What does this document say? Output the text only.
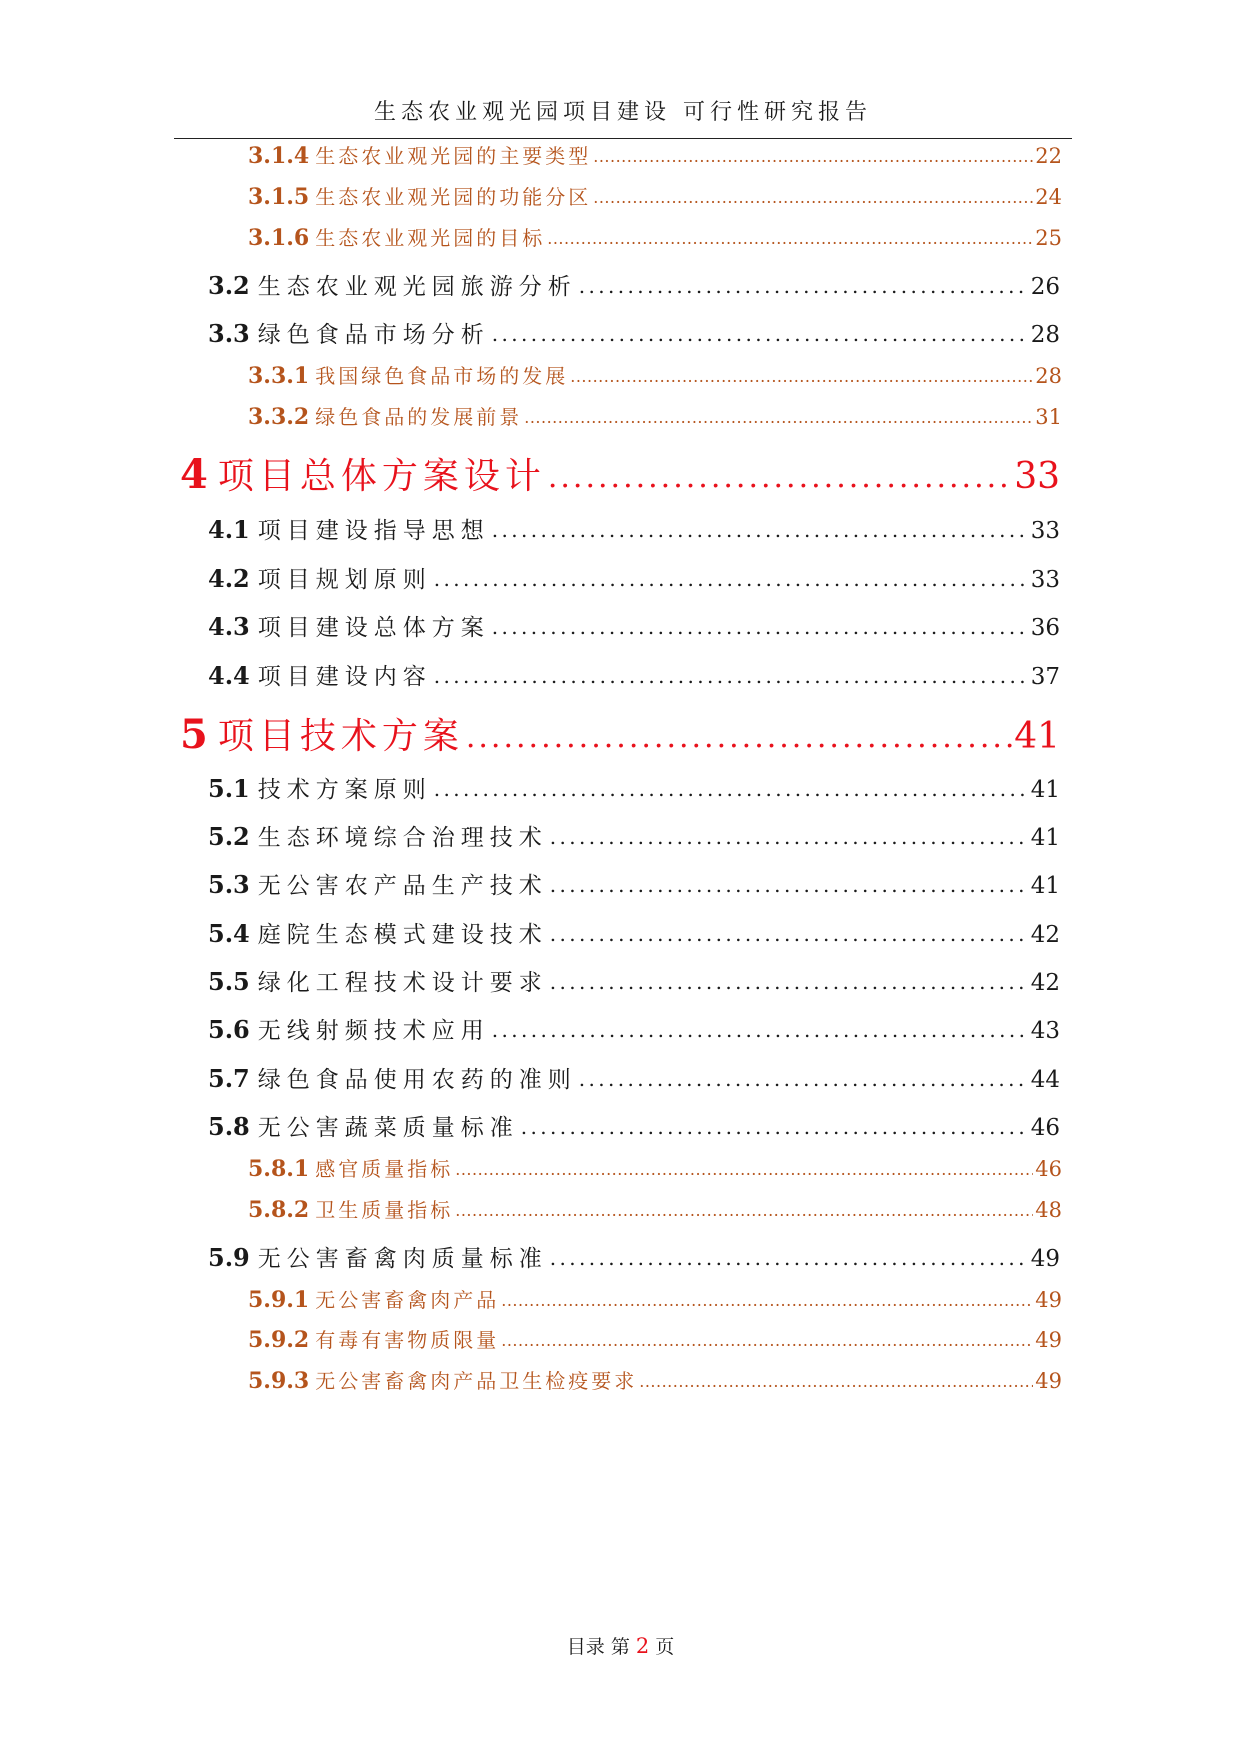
生态农业观光园项目建设 可行性研究报告
3.1.4 生态农业观光园的主要类型 .....	22
3.1.5 生态农业观光园的功能分区 .....	24
3.1.6 生态农业观光园的目标 .....	25
3.2 生态农业观光园旅游分析 .....	26
3.3 绿色食品市场分析 .....	28
3.3.1 我国绿色食品市场的发展 .....	28
3.3.2 绿色食品的发展前景 .....	31
4 项目总体方案设计 .....	33
4.1 项目建设指导思想 .....	33
4.2 项目规划原则 .....	33
4.3 项目建设总体方案 .....	36
4.4 项目建设内容 .....	37
5 项目技术方案 .....	41
5.1 技术方案原则 .....	41
5.2 生态环境综合治理技术 .....	41
5.3 无公害农产品生产技术 .....	41
5.4 庭院生态模式建设技术 .....	42
5.5 绿化工程技术设计要求 .....	42
5.6 无线射频技术应用 .....	43
5.7 绿色食品使用农药的准则 .....	44
5.8 无公害蔬菜质量标准 .....	46
5.8.1 感官质量指标 .....	46
5.8.2 卫生质量指标 .....	48
5.9 无公害畜禽肉质量标准 .....	49
5.9.1 无公害畜禽肉产品 .....	49
5.9.2 有毒有害物质限量 .....	49
5.9.3 无公害畜禽肉产品卫生检疫要求 .....	49
目录 第 2 页
